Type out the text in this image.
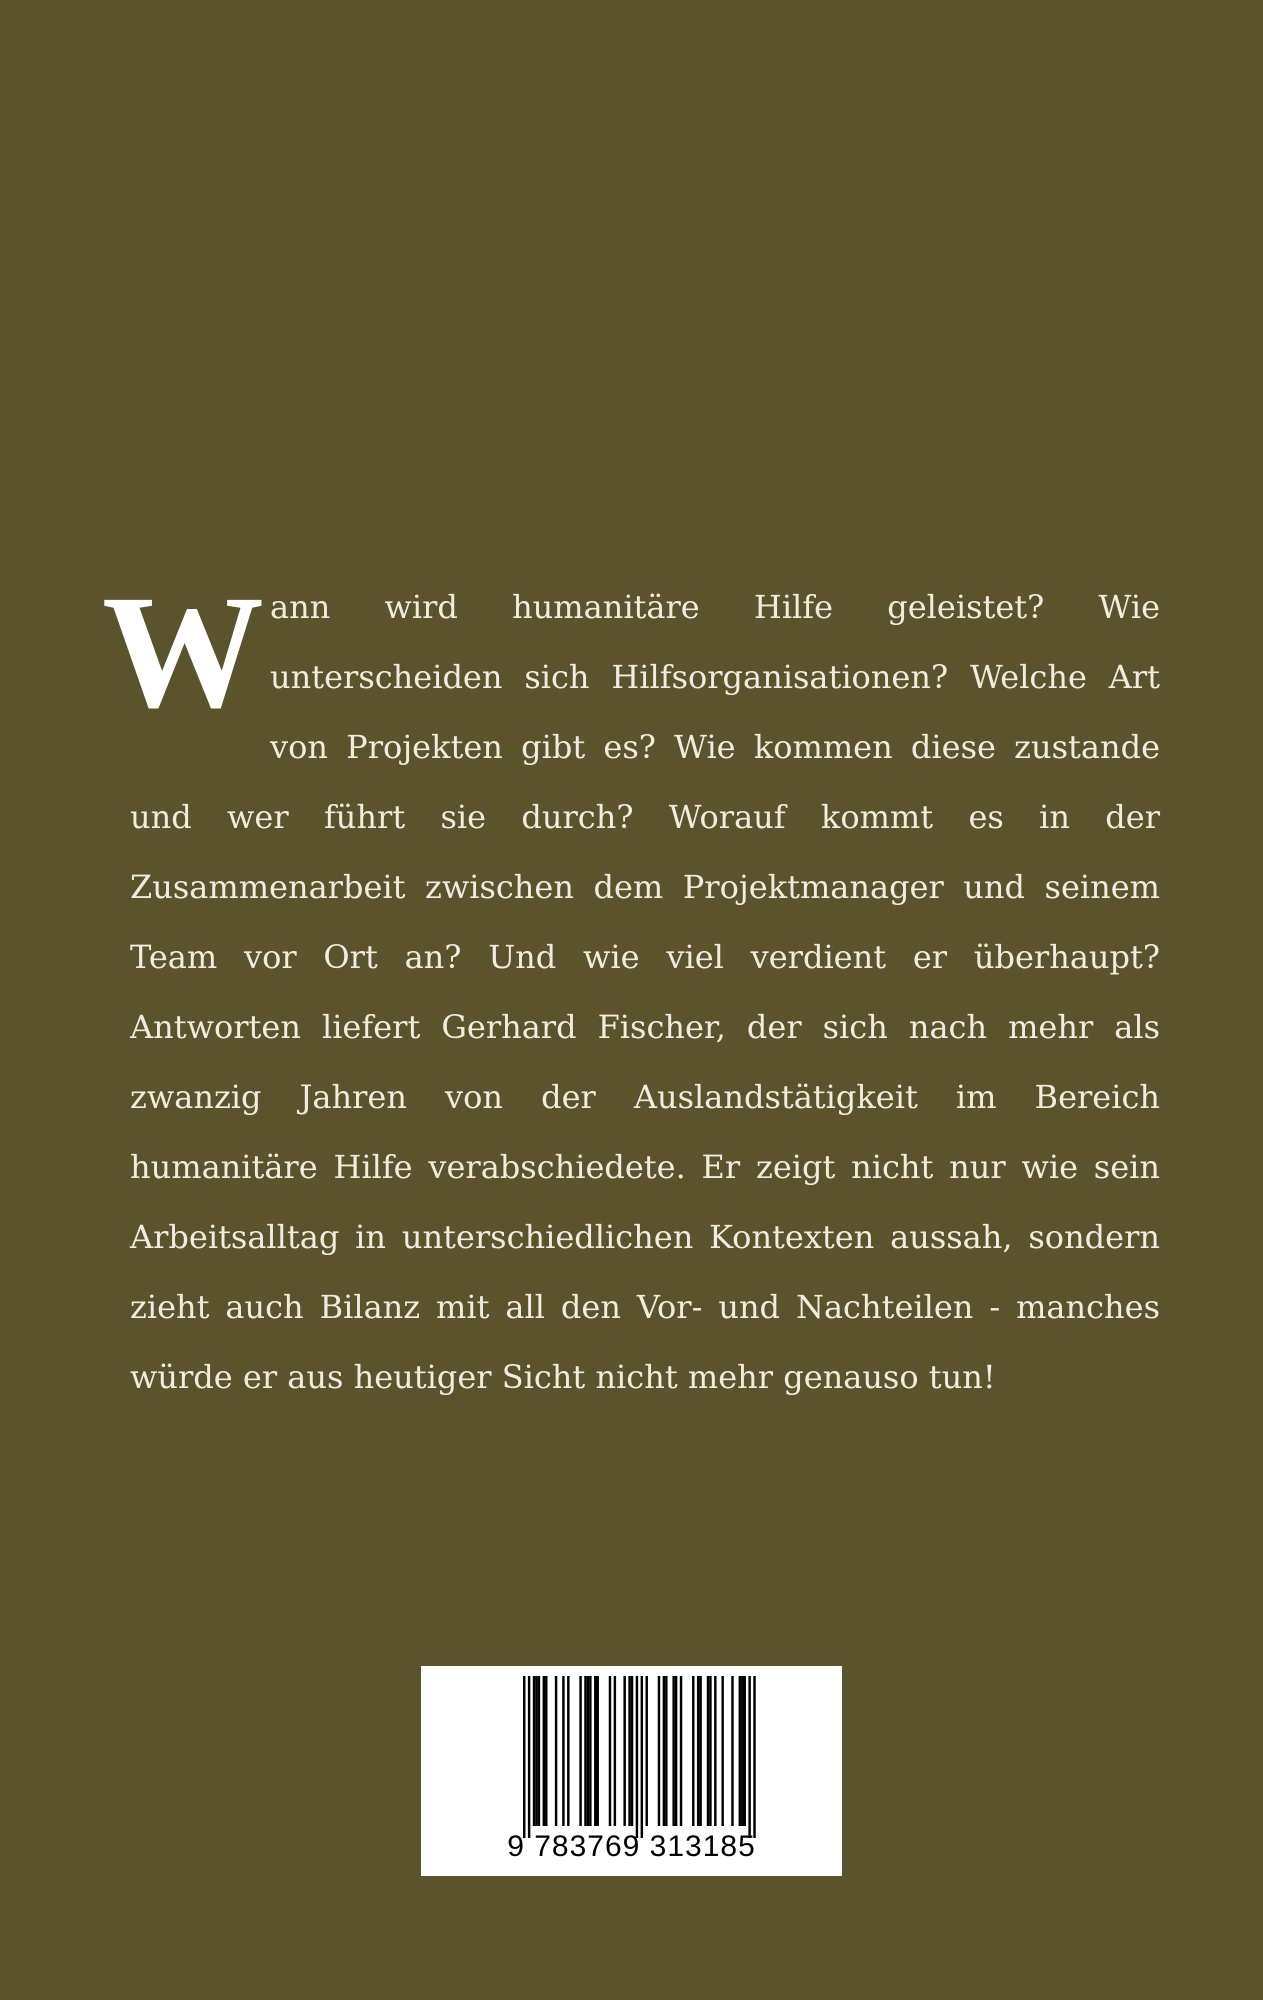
Wann wird humanitäre Hilfe geleistet? Wie unterscheiden sich Hilfsorganisationen? Welche Art von Projekten gibt es? Wie kommen diese zustande und wer führt sie durch? Worauf kommt es in der Zusammenarbeit zwischen dem Projektmanager und seinem Team vor Ort an? Und wie viel verdient er überhaupt? Antworten liefert Gerhard Fischer, der sich nach mehr als zwanzig Jahren von der Auslandstätigkeit im Bereich humanitäre Hilfe verabschiedete. Er zeigt nicht nur wie sein Arbeitsalltag in unterschiedlichen Kontexten aussah, sondern zieht auch Bilanz mit all den Vor- und Nachteilen - manches würde er aus heutiger Sicht nicht mehr genauso tun!

9 783769 313185
